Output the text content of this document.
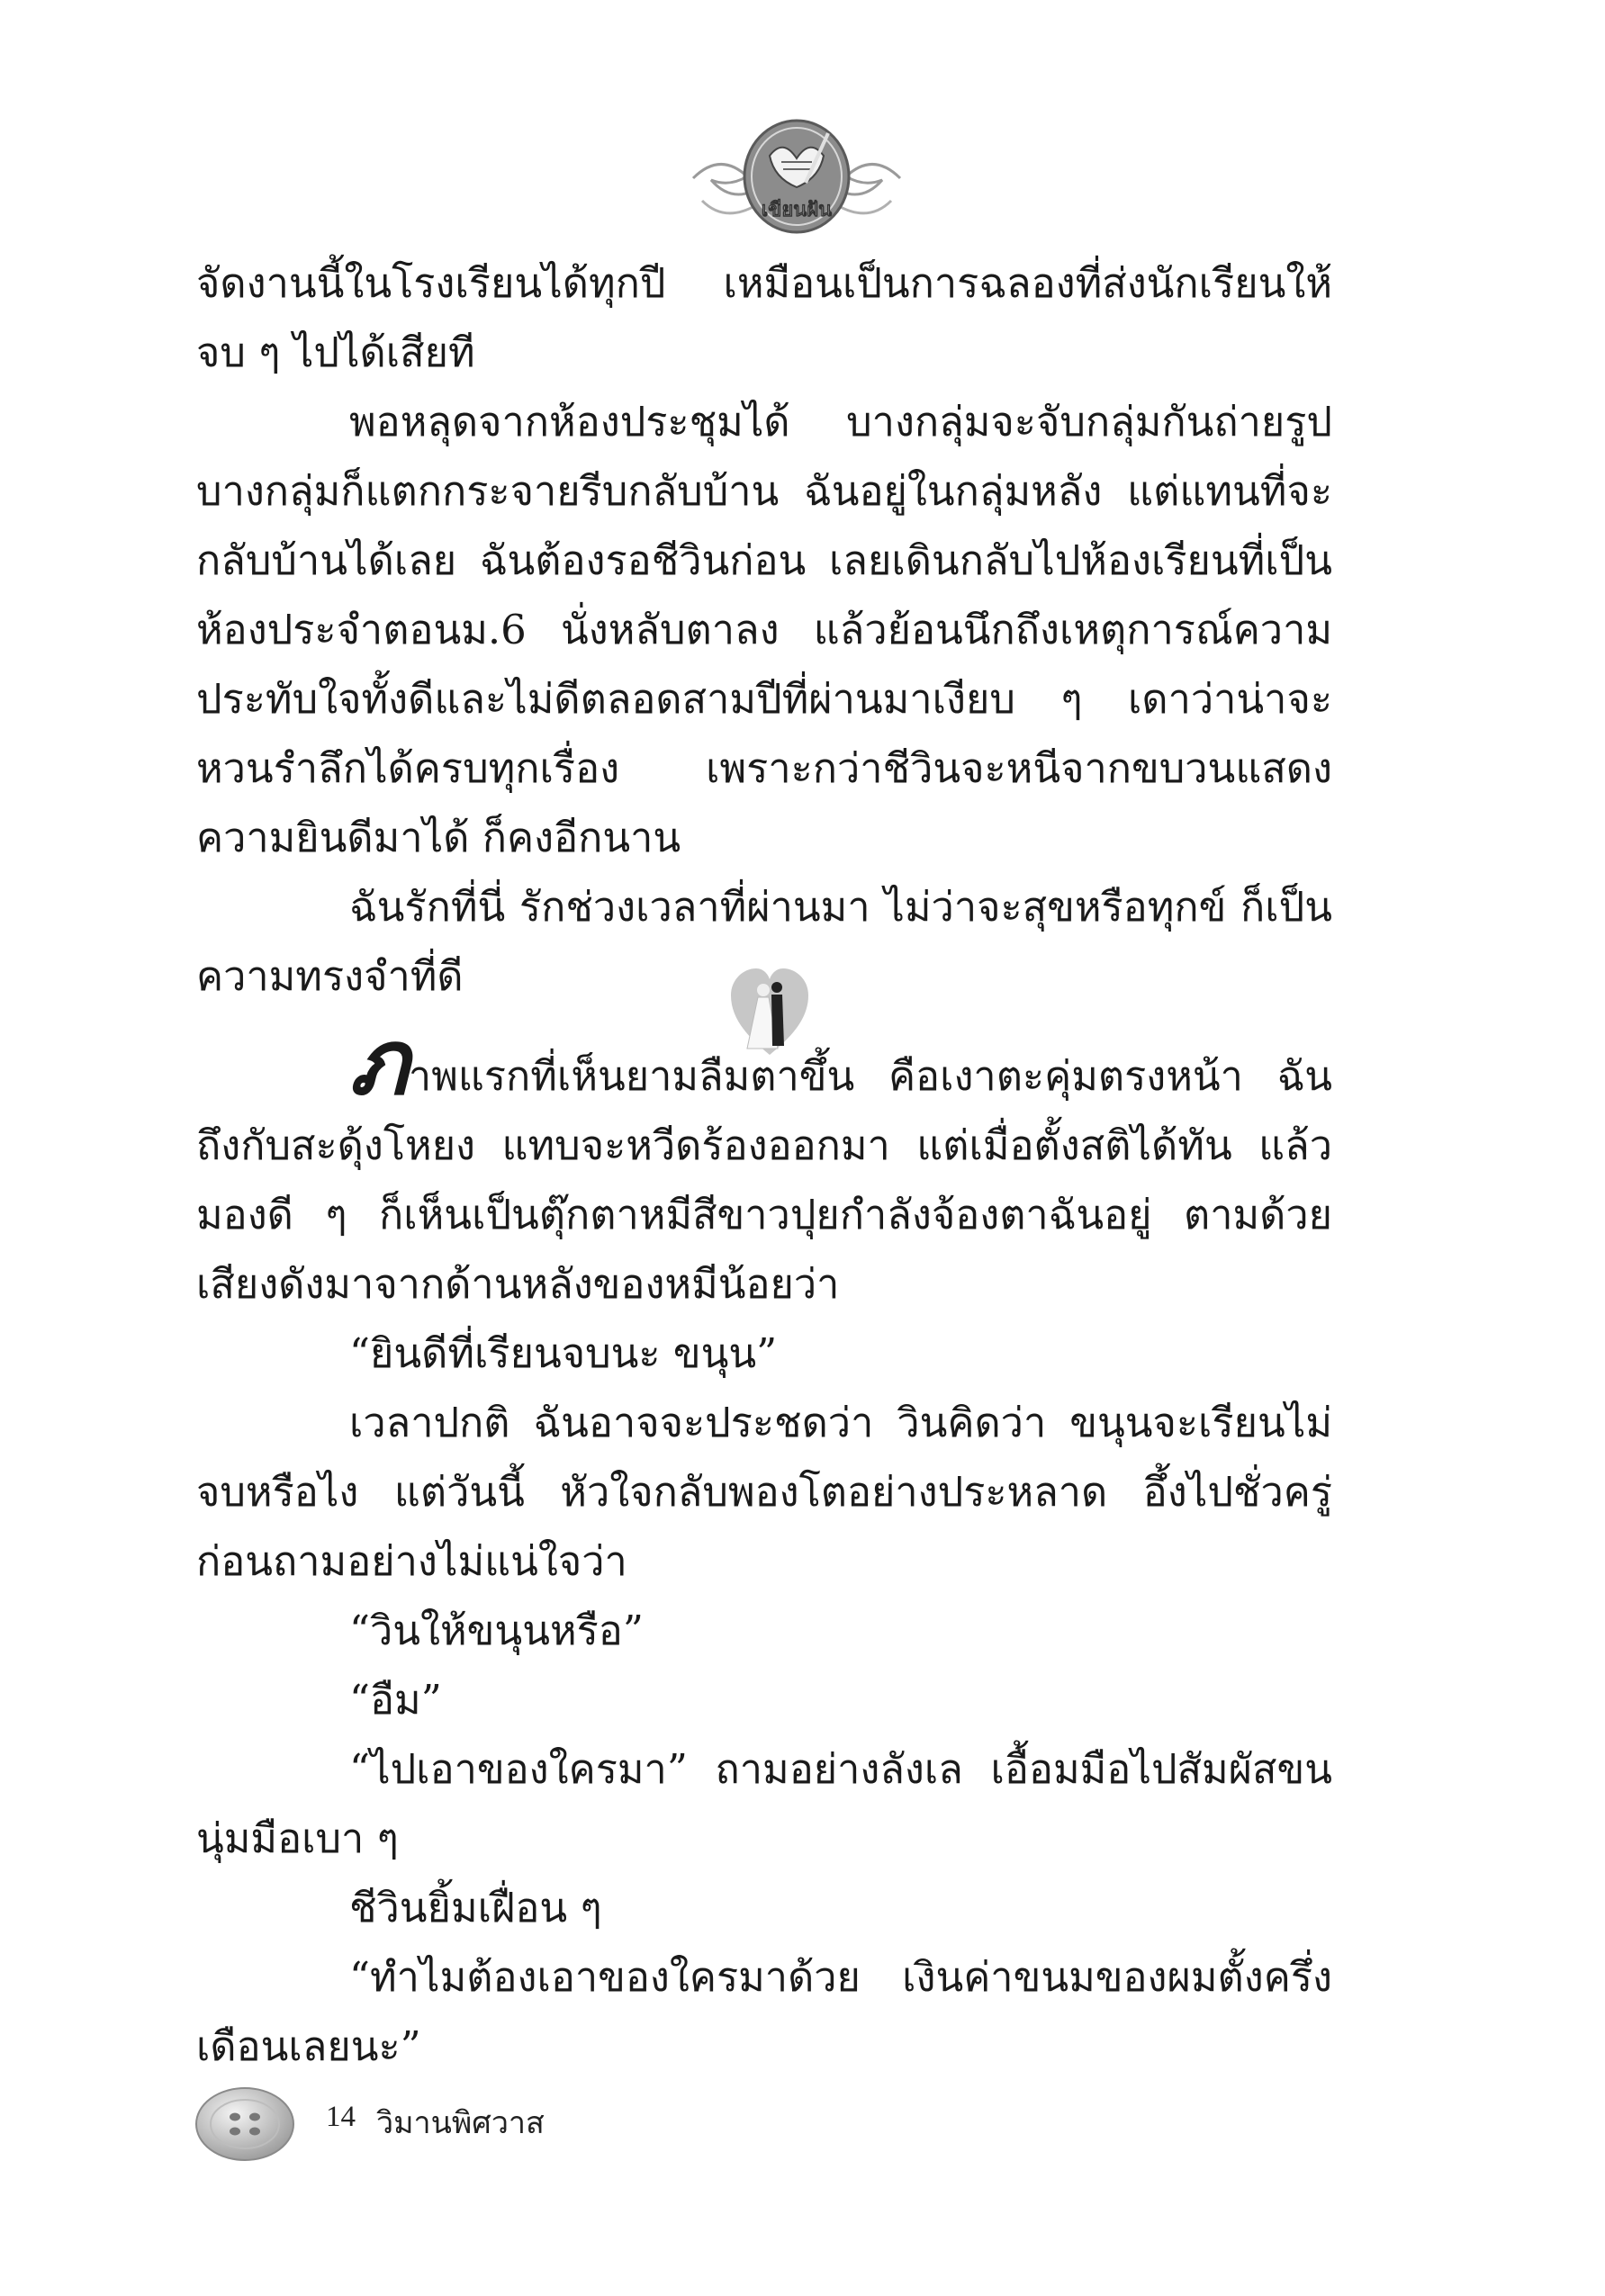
เขียนฝัน

จัดงานนี้ในโรงเรียนได้ทุกปี เหมือนเป็นการฉลองที่ส่งนักเรียนให้จบ ๆ ไปได้เสียที

พอหลุดจากห้องประชุมได้ บางกลุ่มจะจับกลุ่มกันถ่ายรูป บางกลุ่มก็แตกกระจายรีบกลับบ้าน ฉันอยู่ในกลุ่มหลัง แต่แทนที่จะกลับบ้านได้เลย ฉันต้องรอชีวินก่อน เลยเดินกลับไปห้องเรียนที่เป็นห้องประจำตอนม.6 นั่งหลับตาลง แล้วย้อนนึกถึงเหตุการณ์ความประทับใจทั้งดีและไม่ดีตลอดสามปีที่ผ่านมาเงียบ ๆ เดาว่าน่าจะหวนรำลึกได้ครบทุกเรื่อง เพราะกว่าชีวินจะหนีจากขบวนแสดงความยินดีมาได้ ก็คงอีกนาน

ฉันรักที่นี่ รักช่วงเวลาที่ผ่านมา ไม่ว่าจะสุขหรือทุกข์ ก็เป็นความทรงจำที่ดี

ภาพแรกที่เห็นยามลืมตาขึ้น คือเงาตะคุ่มตรงหน้า ฉันถึงกับสะดุ้งโหยง แทบจะหวีดร้องออกมา แต่เมื่อตั้งสติได้ทัน แล้วมองดี ๆ ก็เห็นเป็นตุ๊กตาหมีสีขาวปุยกำลังจ้องตาฉันอยู่ ตามด้วยเสียงดังมาจากด้านหลังของหมีน้อยว่า

“ยินดีที่เรียนจบนะ ขนุน”

เวลาปกติ ฉันอาจจะประชดว่า วินคิดว่า ขนุนจะเรียนไม่จบหรือไง แต่วันนี้ หัวใจกลับพองโตอย่างประหลาด อึ้งไปชั่วครู่ก่อนถามอย่างไม่แน่ใจว่า

“วินให้ขนุนหรือ”

“อืม”

“ไปเอาของใครมา” ถามอย่างลังเล เอื้อมมือไปสัมผัสขนนุ่มมือเบา ๆ

ชีวินยิ้มเฝื่อน ๆ

“ทำไมต้องเอาของใครมาด้วย เงินค่าขนมของผมตั้งครึ่งเดือนเลยนะ”

14 วิมานพิศวาส
